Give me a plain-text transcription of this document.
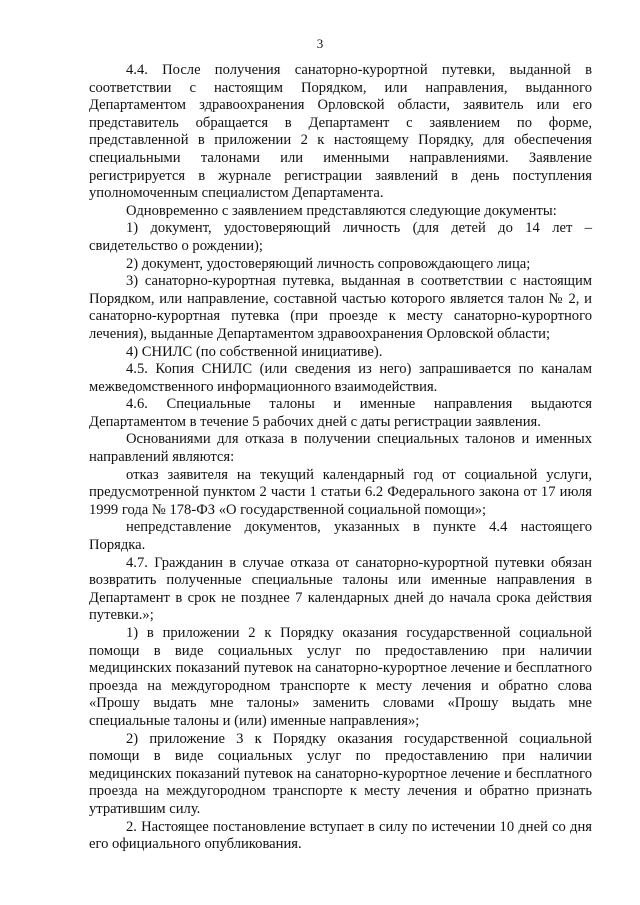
3

4.4. После получения санаторно-курортной путевки, выданной в соответствии с настоящим Порядком, или направления, выданного Департаментом здравоохранения Орловской области, заявитель или его представитель обращается в Департамент с заявлением по форме, представленной в приложении 2 к настоящему Порядку, для обеспечения специальными талонами или именными направлениями. Заявление регистрируется в журнале регистрации заявлений в день поступления уполномоченным специалистом Департамента.

Одновременно с заявлением представляются следующие документы:

1) документ, удостоверяющий личность (для детей до 14 лет – свидетельство о рождении);

2) документ, удостоверяющий личность сопровождающего лица;

3) санаторно-курортная путевка, выданная в соответствии с настоящим Порядком, или направление, составной частью которого является талон № 2, и санаторно-курортная путевка (при проезде к месту санаторно-курортного лечения), выданные Департаментом здравоохранения Орловской области;

4) СНИЛС (по собственной инициативе).

4.5. Копия СНИЛС (или сведения из него) запрашивается по каналам межведомственного информационного взаимодействия.

4.6. Специальные талоны и именные направления выдаются Департаментом в течение 5 рабочих дней с даты регистрации заявления.

Основаниями для отказа в получении специальных талонов и именных направлений являются:

отказ заявителя на текущий календарный год от социальной услуги, предусмотренной пунктом 2 части 1 статьи 6.2 Федерального закона от 17 июля 1999 года № 178-ФЗ «О государственной социальной помощи»;

непредставление документов, указанных в пункте 4.4 настоящего Порядка.

4.7. Гражданин в случае отказа от санаторно-курортной путевки обязан возвратить полученные специальные талоны или именные направления в Департамент в срок не позднее 7 календарных дней до начала срока действия путевки.»;

1) в приложении 2 к Порядку оказания государственной социальной помощи в виде социальных услуг по предоставлению при наличии медицинских показаний путевок на санаторно-курортное лечение и бесплатного проезда на междугородном транспорте к месту лечения и обратно слова «Прошу выдать мне талоны» заменить словами «Прошу выдать мне специальные талоны и (или) именные направления»;

2) приложение 3 к Порядку оказания государственной социальной помощи в виде социальных услуг по предоставлению при наличии медицинских показаний путевок на санаторно-курортное лечение и бесплатного проезда на междугородном транспорте к месту лечения и обратно признать утратившим силу.

2. Настоящее постановление вступает в силу по истечении 10 дней со дня его официального опубликования.
